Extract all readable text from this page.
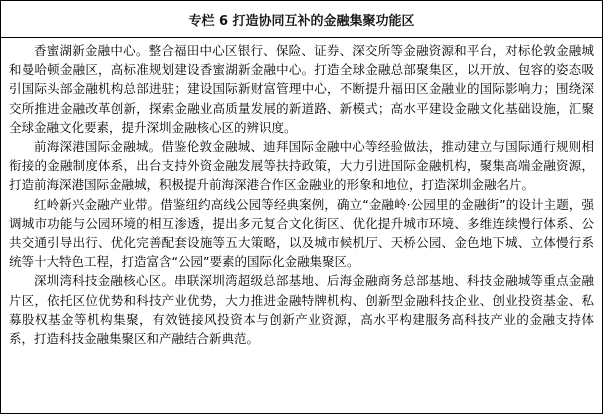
专栏 6 打造协同互补的金融集聚功能区

香蜜湖新金融中心。整合福田中心区银行、保险、证券、深交所等金融资源和平台，对标伦敦金融城和曼哈顿金融区，高标准规划建设香蜜湖新金融中心。打造全球金融总部聚集区，以开放、包容的姿态吸引国际头部金融机构总部进驻；建设国际新财富管理中心，不断提升福田区金融业的国际影响力；围绕深交所推进金融改革创新，探索金融业高质量发展的新道路、新模式；高水平建设金融文化基础设施，汇聚全球金融文化要素，提升深圳金融核心区的辨识度。

前海深港国际金融城。借鉴伦敦金融城、迪拜国际金融中心等经验做法，推动建立与国际通行规则相衔接的金融制度体系，出台支持外资金融发展等扶持政策，大力引进国际金融机构，聚集高端金融资源，打造前海深港国际金融城，积极提升前海深港合作区金融业的形象和地位，打造深圳金融名片。

红岭新兴金融产业带。借鉴纽约高线公园等经典案例，确立“金融岭·公园里的金融街”的设计主题，强调城市功能与公园环境的相互渗透，提出多元复合文化街区、优化提升城市环境、多维连续慢行体系、公共交通引导出行、优化完善配套设施等五大策略，以及城市候机厅、天桥公园、金色地下城、立体慢行系统等十大特色工程，打造富含“公园”要素的国际化金融集聚区。

深圳湾科技金融核心区。串联深圳湾超级总部基地、后海金融商务总部基地、科技金融城等重点金融片区，依托区位优势和科技产业优势，大力推进金融特牌机构、创新型金融科技企业、创业投资基金、私募股权基金等机构集聚，有效链接风投资本与创新产业资源，高水平构建服务高科技产业的金融支持体系，打造科技金融集聚区和产融结合新典范。
